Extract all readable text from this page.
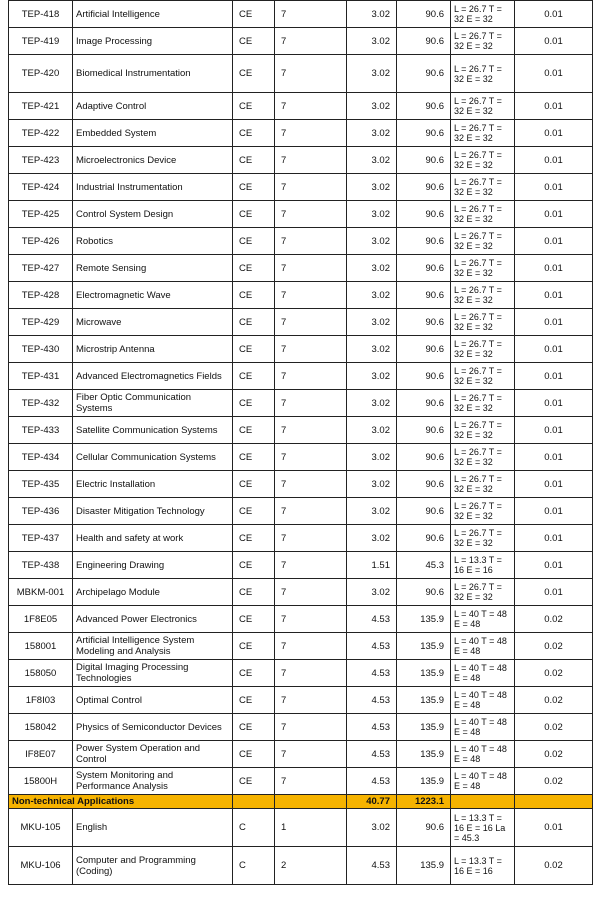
TEP-418	Artificial Intelligence	CE	7	3.02	90.6	L = 26.7 T = 32 E = 32	0.01
TEP-419	Image Processing	CE	7	3.02	90.6	L = 26.7 T = 32 E = 32	0.01
TEP-420	Biomedical Instrumentation	CE	7	3.02	90.6	L = 26.7 T = 32 E = 32	0.01
TEP-421	Adaptive Control	CE	7	3.02	90.6	L = 26.7 T = 32 E = 32	0.01
TEP-422	Embedded System	CE	7	3.02	90.6	L = 26.7 T = 32 E = 32	0.01
TEP-423	Microelectronics Device	CE	7	3.02	90.6	L = 26.7 T = 32 E = 32	0.01
TEP-424	Industrial Instrumentation	CE	7	3.02	90.6	L = 26.7 T = 32 E = 32	0.01
TEP-425	Control System Design	CE	7	3.02	90.6	L = 26.7 T = 32 E = 32	0.01
TEP-426	Robotics	CE	7	3.02	90.6	L = 26.7 T = 32 E = 32	0.01
TEP-427	Remote Sensing	CE	7	3.02	90.6	L = 26.7 T = 32 E = 32	0.01
TEP-428	Electromagnetic Wave	CE	7	3.02	90.6	L = 26.7 T = 32 E = 32	0.01
TEP-429	Microwave	CE	7	3.02	90.6	L = 26.7 T = 32 E = 32	0.01
TEP-430	Microstrip Antenna	CE	7	3.02	90.6	L = 26.7 T = 32 E = 32	0.01
TEP-431	Advanced Electromagnetics Fields	CE	7	3.02	90.6	L = 26.7 T = 32 E = 32	0.01
TEP-432	Fiber Optic Communication Systems	CE	7	3.02	90.6	L = 26.7 T = 32 E = 32	0.01
TEP-433	Satellite Communication Systems	CE	7	3.02	90.6	L = 26.7 T = 32 E = 32	0.01
TEP-434	Cellular Communication Systems	CE	7	3.02	90.6	L = 26.7 T = 32 E = 32	0.01
TEP-435	Electric Installation	CE	7	3.02	90.6	L = 26.7 T = 32 E = 32	0.01
TEP-436	Disaster Mitigation Technology	CE	7	3.02	90.6	L = 26.7 T = 32 E = 32	0.01
TEP-437	Health and safety at work	CE	7	3.02	90.6	L = 26.7 T = 32 E = 32	0.01
TEP-438	Engineering Drawing	CE	7	1.51	45.3	L = 13.3 T = 16 E = 16	0.01
MBKM-001	Archipelago Module	CE	7	3.02	90.6	L = 26.7 T = 32 E = 32	0.01
1F8E05	Advanced Power Electronics	CE	7	4.53	135.9	L = 40 T = 48 E = 48	0.02
158001	Artificial Intelligence System Modeling and Analysis	CE	7	4.53	135.9	L = 40 T = 48 E = 48	0.02
158050	Digital Imaging Processing Technologies	CE	7	4.53	135.9	L = 40 T = 48 E = 48	0.02
1F8I03	Optimal Control	CE	7	4.53	135.9	L = 40 T = 48 E = 48	0.02
158042	Physics of Semiconductor Devices	CE	7	4.53	135.9	L = 40 T = 48 E = 48	0.02
IF8E07	Power System Operation and Control	CE	7	4.53	135.9	L = 40 T = 48 E = 48	0.02
15800H	System Monitoring and Performance Analysis	CE	7	4.53	135.9	L = 40 T = 48 E = 48	0.02
Non-technical Applications				40.77	1223.1		
MKU-105	English	C	1	3.02	90.6	L = 13.3 T = 16 E = 16 La = 45.3	0.01
MKU-106	Computer and Programming (Coding)	C	2	4.53	135.9	L = 13.3 T = 16 E = 16	0.02
